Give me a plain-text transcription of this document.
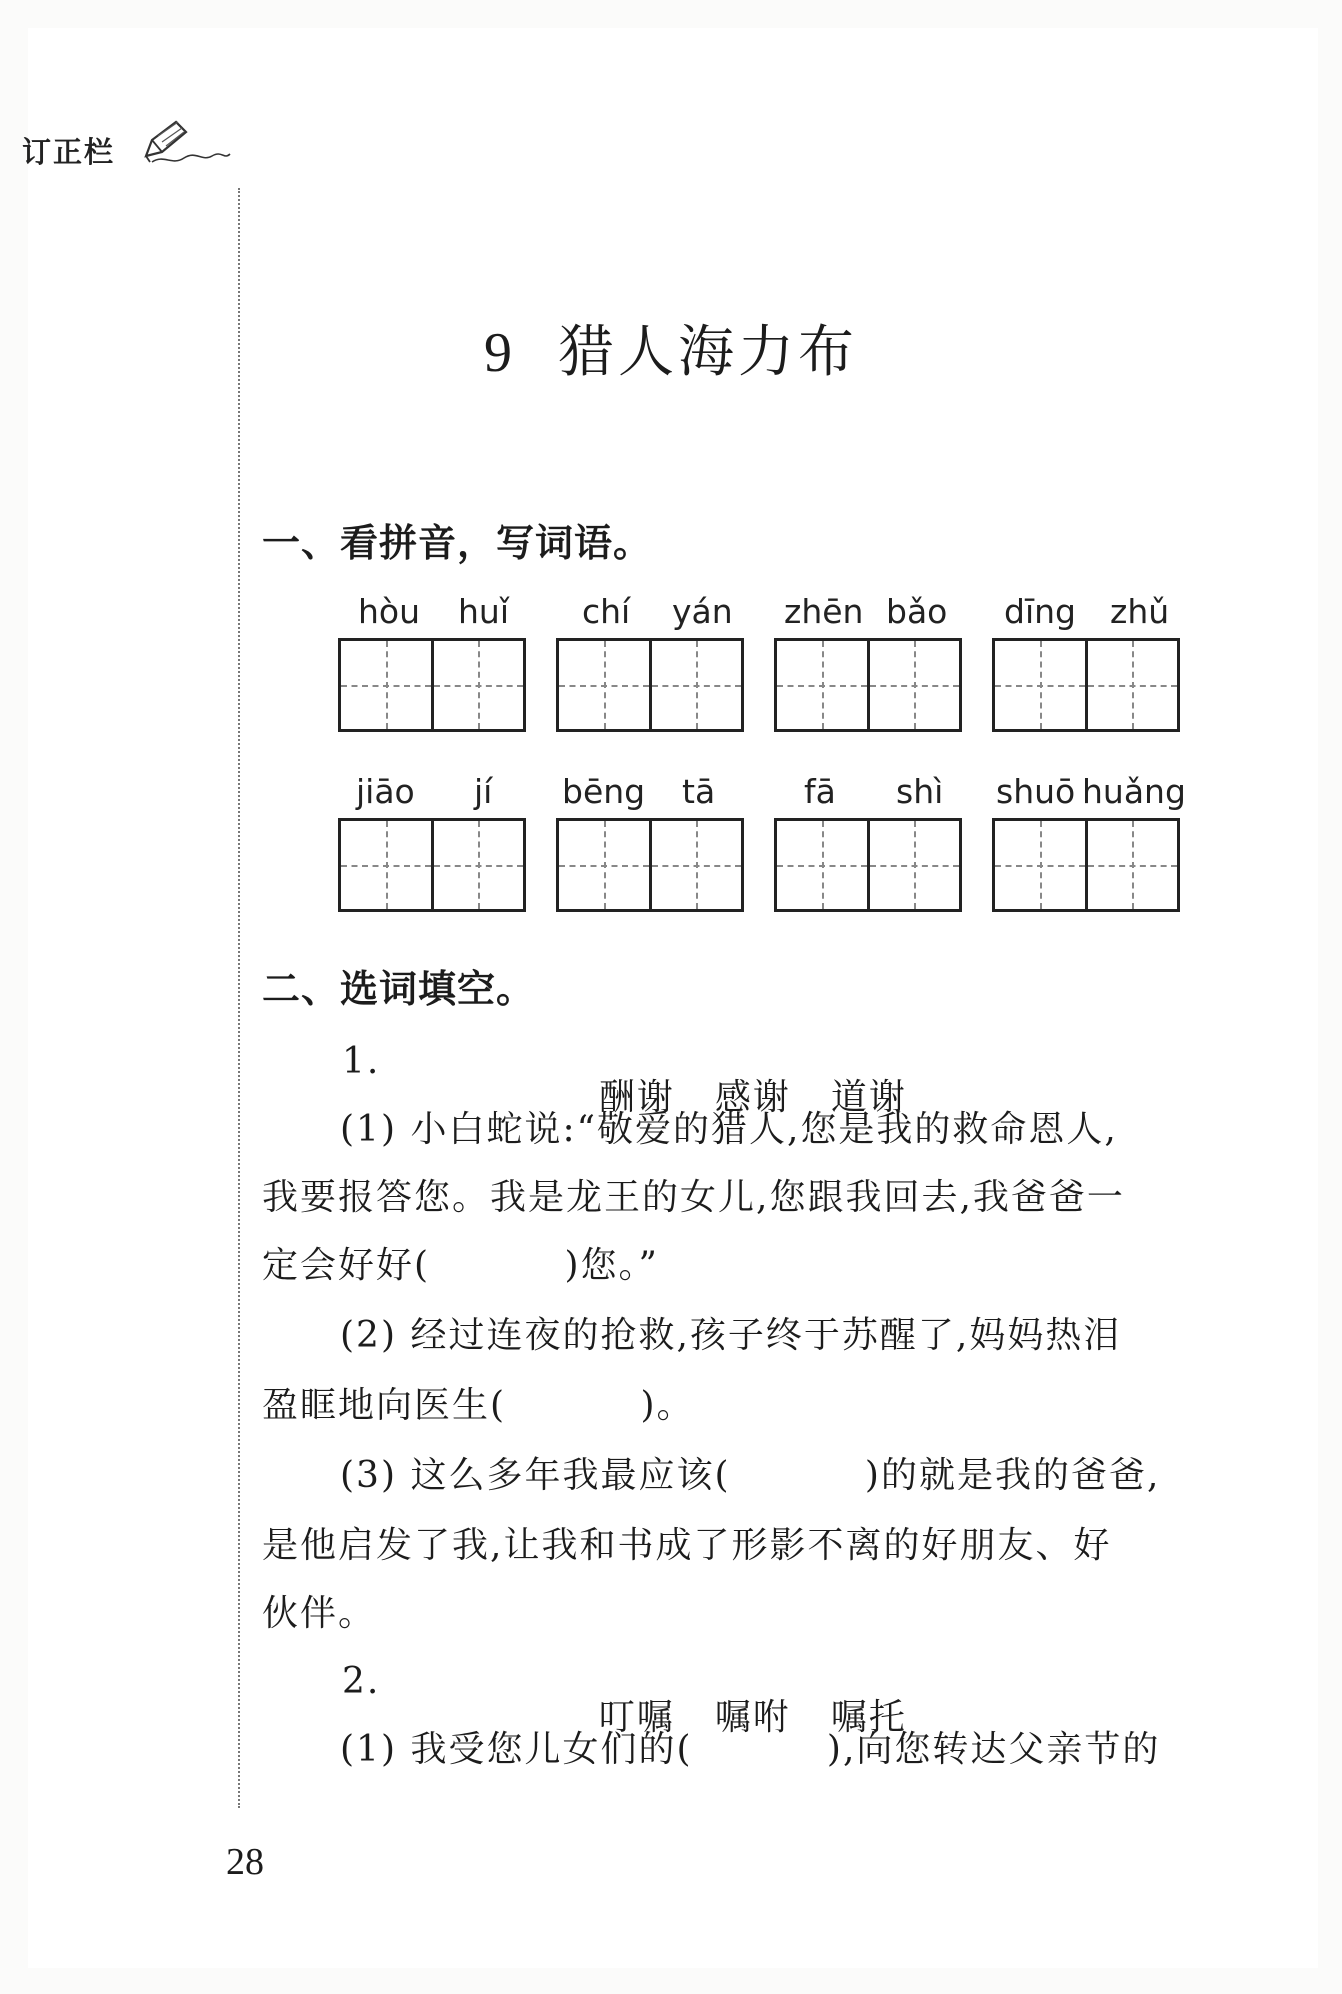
订正栏
9 猎人海力布
一、看拼音，写词语。
hòu huǐ chí yán zhēn bǎo dīng zhǔ
jiāo jí bēng tā	fā shì shuō huǎng
二、选词填空。
1.

酬谢 感谢 道谢

(1) 小白蛇说:“敬爱的猎人,您是我的救命恩人,
我要报答您。我是龙王的女儿,您跟我回去,我爸爸一
定会好好(          )您。”
(2) 经过连夜的抢救,孩子终于苏醒了,妈妈热泪
盈眶地向医生(          )。
(3) 这么多年我最应该(          )的就是我的爸爸,
是他启发了我,让我和书成了形影不离的好朋友、好
伙伴。
2.

叮嘱 嘱咐 嘱托

(1) 我受您儿女们的(          ),向您转达父亲节的
28
